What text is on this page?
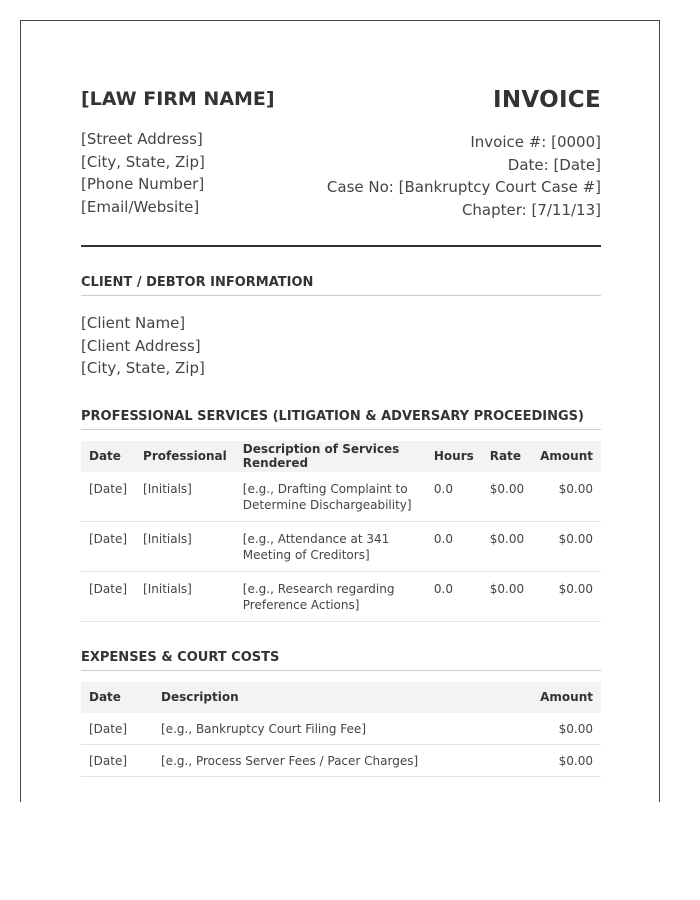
[LAW FIRM NAME]
[Street Address]
[City, State, Zip]
[Phone Number]
[Email/Website]
INVOICE
Invoice #: [0000]
Date: [Date]
Case No: [Bankruptcy Court Case #]
Chapter: [7/11/13]
CLIENT / DEBTOR INFORMATION
[Client Name]
[Client Address]
[City, State, Zip]
PROFESSIONAL SERVICES (LITIGATION & ADVERSARY PROCEEDINGS)
Date	Professional	Description of Services Rendered	Hours	Rate	Amount
[Date]	[Initials]	[e.g., Drafting Complaint to Determine Dischargeability]	0.0	$0.00	$0.00
[Date]	[Initials]	[e.g., Attendance at 341 Meeting of Creditors]	0.0	$0.00	$0.00
[Date]	[Initials]	[e.g., Research regarding Preference Actions]	0.0	$0.00	$0.00
EXPENSES & COURT COSTS
Date	Description	Amount
[Date]	[e.g., Bankruptcy Court Filing Fee]	$0.00
[Date]	[e.g., Process Server Fees / Pacer Charges]	$0.00
